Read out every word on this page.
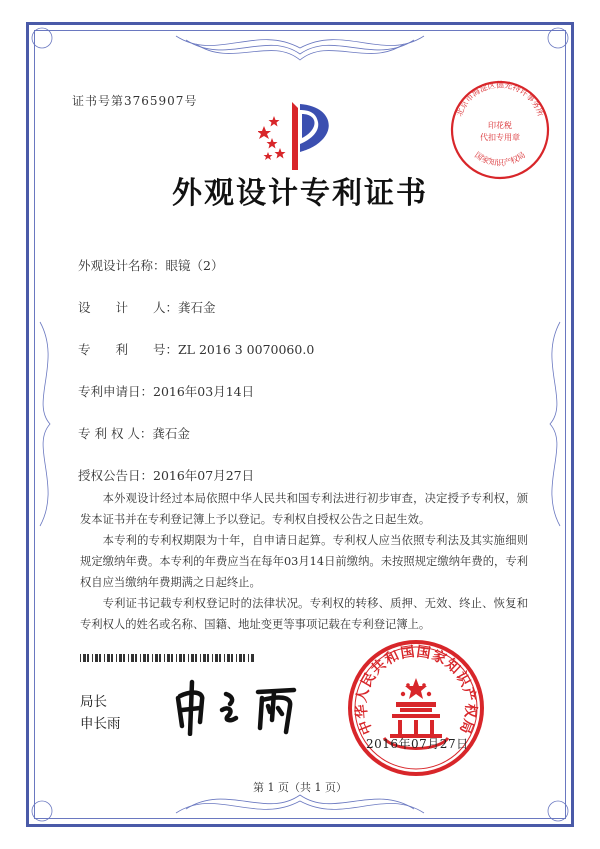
证书号第3765907号
外观设计专利证书
外观设计名称：眼镜（2）
设　　计　　人：龚石金
专　　利　　号：ZL 2016 3 0070060.0
专利申请日：2016年03月14日
专 利 权 人：龚石金
授权公告日：2016年07月27日

本外观设计经过本局依照中华人民共和国专利法进行初步审查，决定授予专利权，颁发本证书并在专利登记簿上予以登记。专利权自授权公告之日起生效。

本专利的专利权期限为十年，自申请日起算。专利权人应当依照专利法及其实施细则规定缴纳年费。本专利的年费应当在每年03月14日前缴纳。未按照规定缴纳年费的，专利权自应当缴纳年费期满之日起终止。

专利证书记载专利权登记时的法律状况。专利权的转移、质押、无效、终止、恢复和专利权人的姓名或名称、国籍、地址变更等事项记载在专利登记簿上。

局长
申长雨	中华人民共和国国家知识产权局
2016年07月27日
北京市海淀区德光特许事务所
印花税
代扣专用章
国家知识产权局
第 1 页（共 1 页）
